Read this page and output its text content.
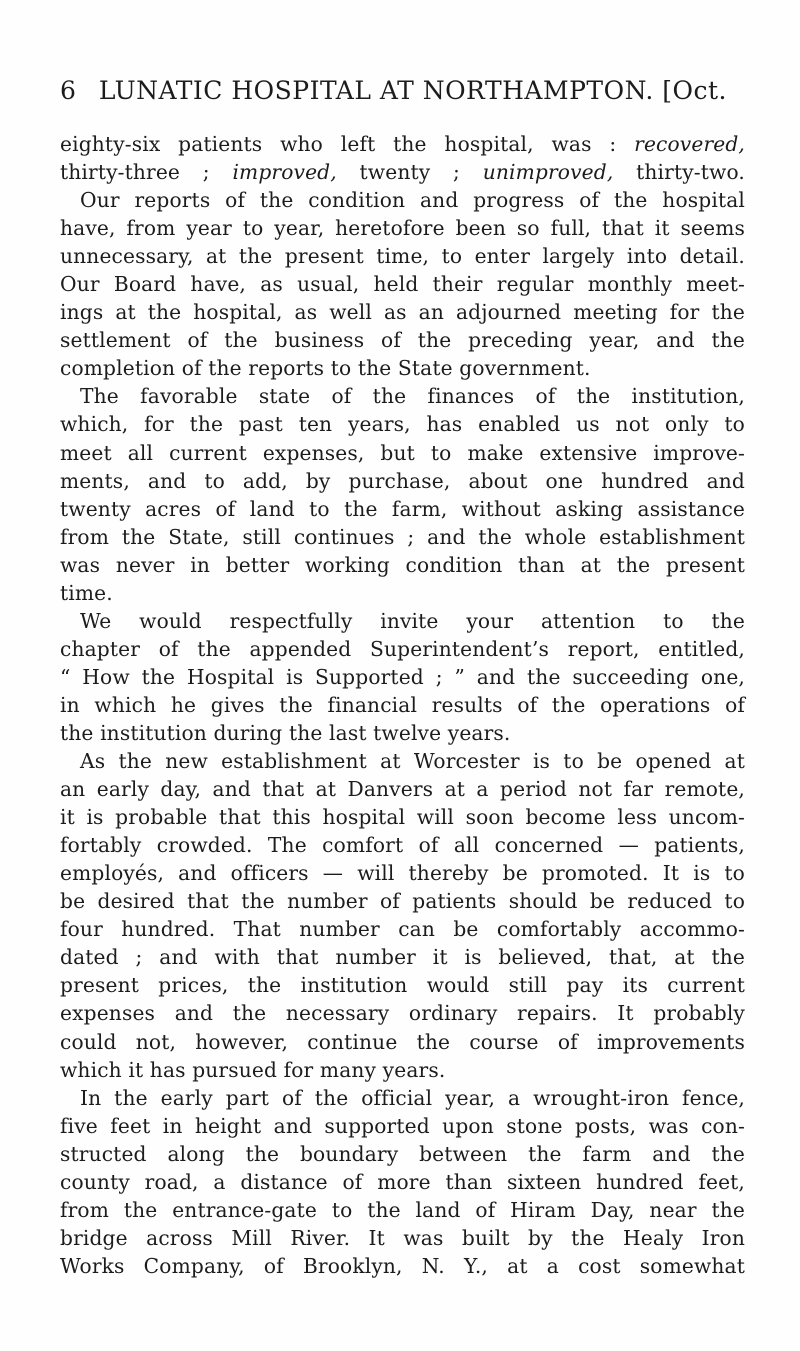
6 LUNATIC HOSPITAL AT NORTHAMPTON. [Oct.
eighty-six patients who left the hospital, was : recovered,
thirty-three ; improved, twenty ; unimproved, thirty-two.
Our reports of the condition and progress of the hospital
have, from year to year, heretofore been so full, that it seems
unnecessary, at the present time, to enter largely into detail.
Our Board have, as usual, held their regular monthly meet-
ings at the hospital, as well as an adjourned meeting for the
settlement of the business of the preceding year, and the
completion of the reports to the State government.
The favorable state of the finances of the institution,
which, for the past ten years, has enabled us not only to
meet all current expenses, but to make extensive improve-
ments, and to add, by purchase, about one hundred and
twenty acres of land to the farm, without asking assistance
from the State, still continues ; and the whole establishment
was never in better working condition than at the present
time.
We would respectfully invite your attention to the
chapter of the appended Superintendent’s report, entitled,
“ How the Hospital is Supported ; ” and the succeeding one,
in which he gives the financial results of the operations of
the institution during the last twelve years.
As the new establishment at Worcester is to be opened at
an early day, and that at Danvers at a period not far remote,
it is probable that this hospital will soon become less uncom-
fortably crowded. The comfort of all concerned — patients,
employés, and officers — will thereby be promoted. It is to
be desired that the number of patients should be reduced to
four hundred. That number can be comfortably accommo-
dated ; and with that number it is believed, that, at the
present prices, the institution would still pay its current
expenses and the necessary ordinary repairs. It probably
could not, however, continue the course of improvements
which it has pursued for many years.
In the early part of the official year, a wrought-iron fence,
five feet in height and supported upon stone posts, was con-
structed along the boundary between the farm and the
county road, a distance of more than sixteen hundred feet,
from the entrance-gate to the land of Hiram Day, near the
bridge across Mill River. It was built by the Healy Iron
Works Company, of Brooklyn, N. Y., at a cost somewhat
